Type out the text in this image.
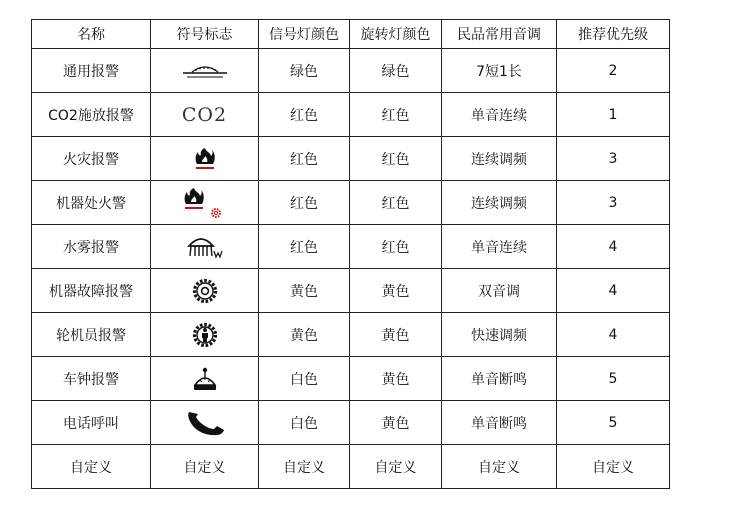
名称	符号标志	信号灯颜色	旋转灯颜色	民品常用音调	推荐优先级
通用报警		绿色	绿色	7短1长	2
CO2施放报警	CO2	红色	红色	单音连续	1
火灾报警		红色	红色	连续调频	3
机器处火警		红色	红色	连续调频	3
水雾报警		红色	红色	单音连续	4
机器故障报警		黄色	黄色	双音调	4
轮机员报警		黄色	黄色	快速调频	4
车钟报警		白色	黄色	单音断鸣	5
电话呼叫		白色	黄色	单音断鸣	5
自定义	自定义	自定义	自定义	自定义	自定义
